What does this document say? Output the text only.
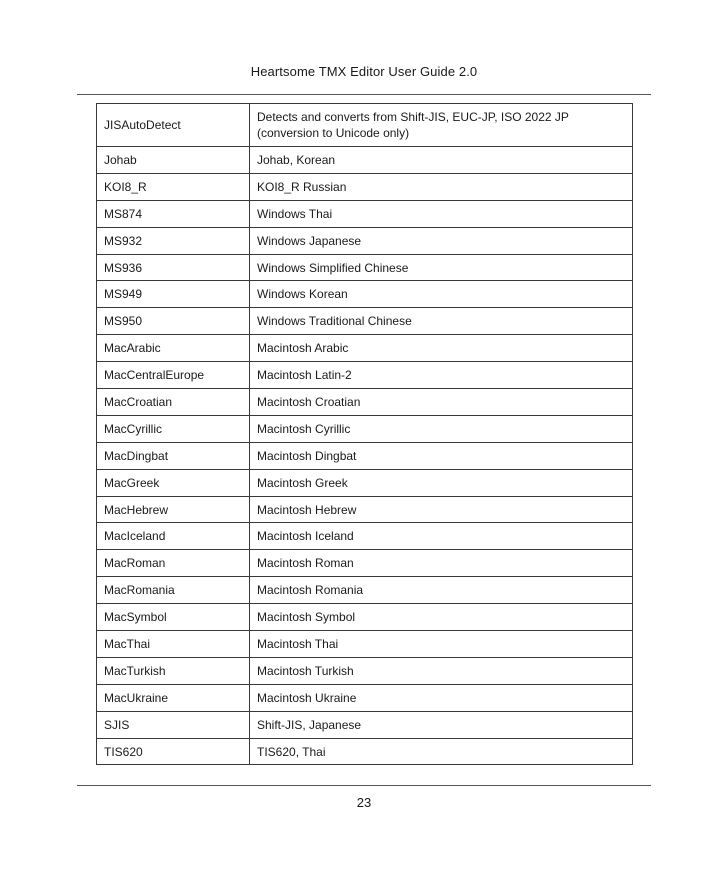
Heartsome TMX Editor User Guide 2.0
JISAutoDetect	Detects and converts from Shift-JIS, EUC-JP, ISO 2022 JP (conversion to Unicode only)
Johab	Johab, Korean
KOI8_R	KOI8_R Russian
MS874	Windows Thai
MS932	Windows Japanese
MS936	Windows Simplified Chinese
MS949	Windows Korean
MS950	Windows Traditional Chinese
MacArabic	Macintosh Arabic
MacCentralEurope	Macintosh Latin-2
MacCroatian	Macintosh Croatian
MacCyrillic	Macintosh Cyrillic
MacDingbat	Macintosh Dingbat
MacGreek	Macintosh Greek
MacHebrew	Macintosh Hebrew
MacIceland	Macintosh Iceland
MacRoman	Macintosh Roman
MacRomania	Macintosh Romania
MacSymbol	Macintosh Symbol
MacThai	Macintosh Thai
MacTurkish	Macintosh Turkish
MacUkraine	Macintosh Ukraine
SJIS	Shift-JIS, Japanese
TIS620	TIS620, Thai
23
